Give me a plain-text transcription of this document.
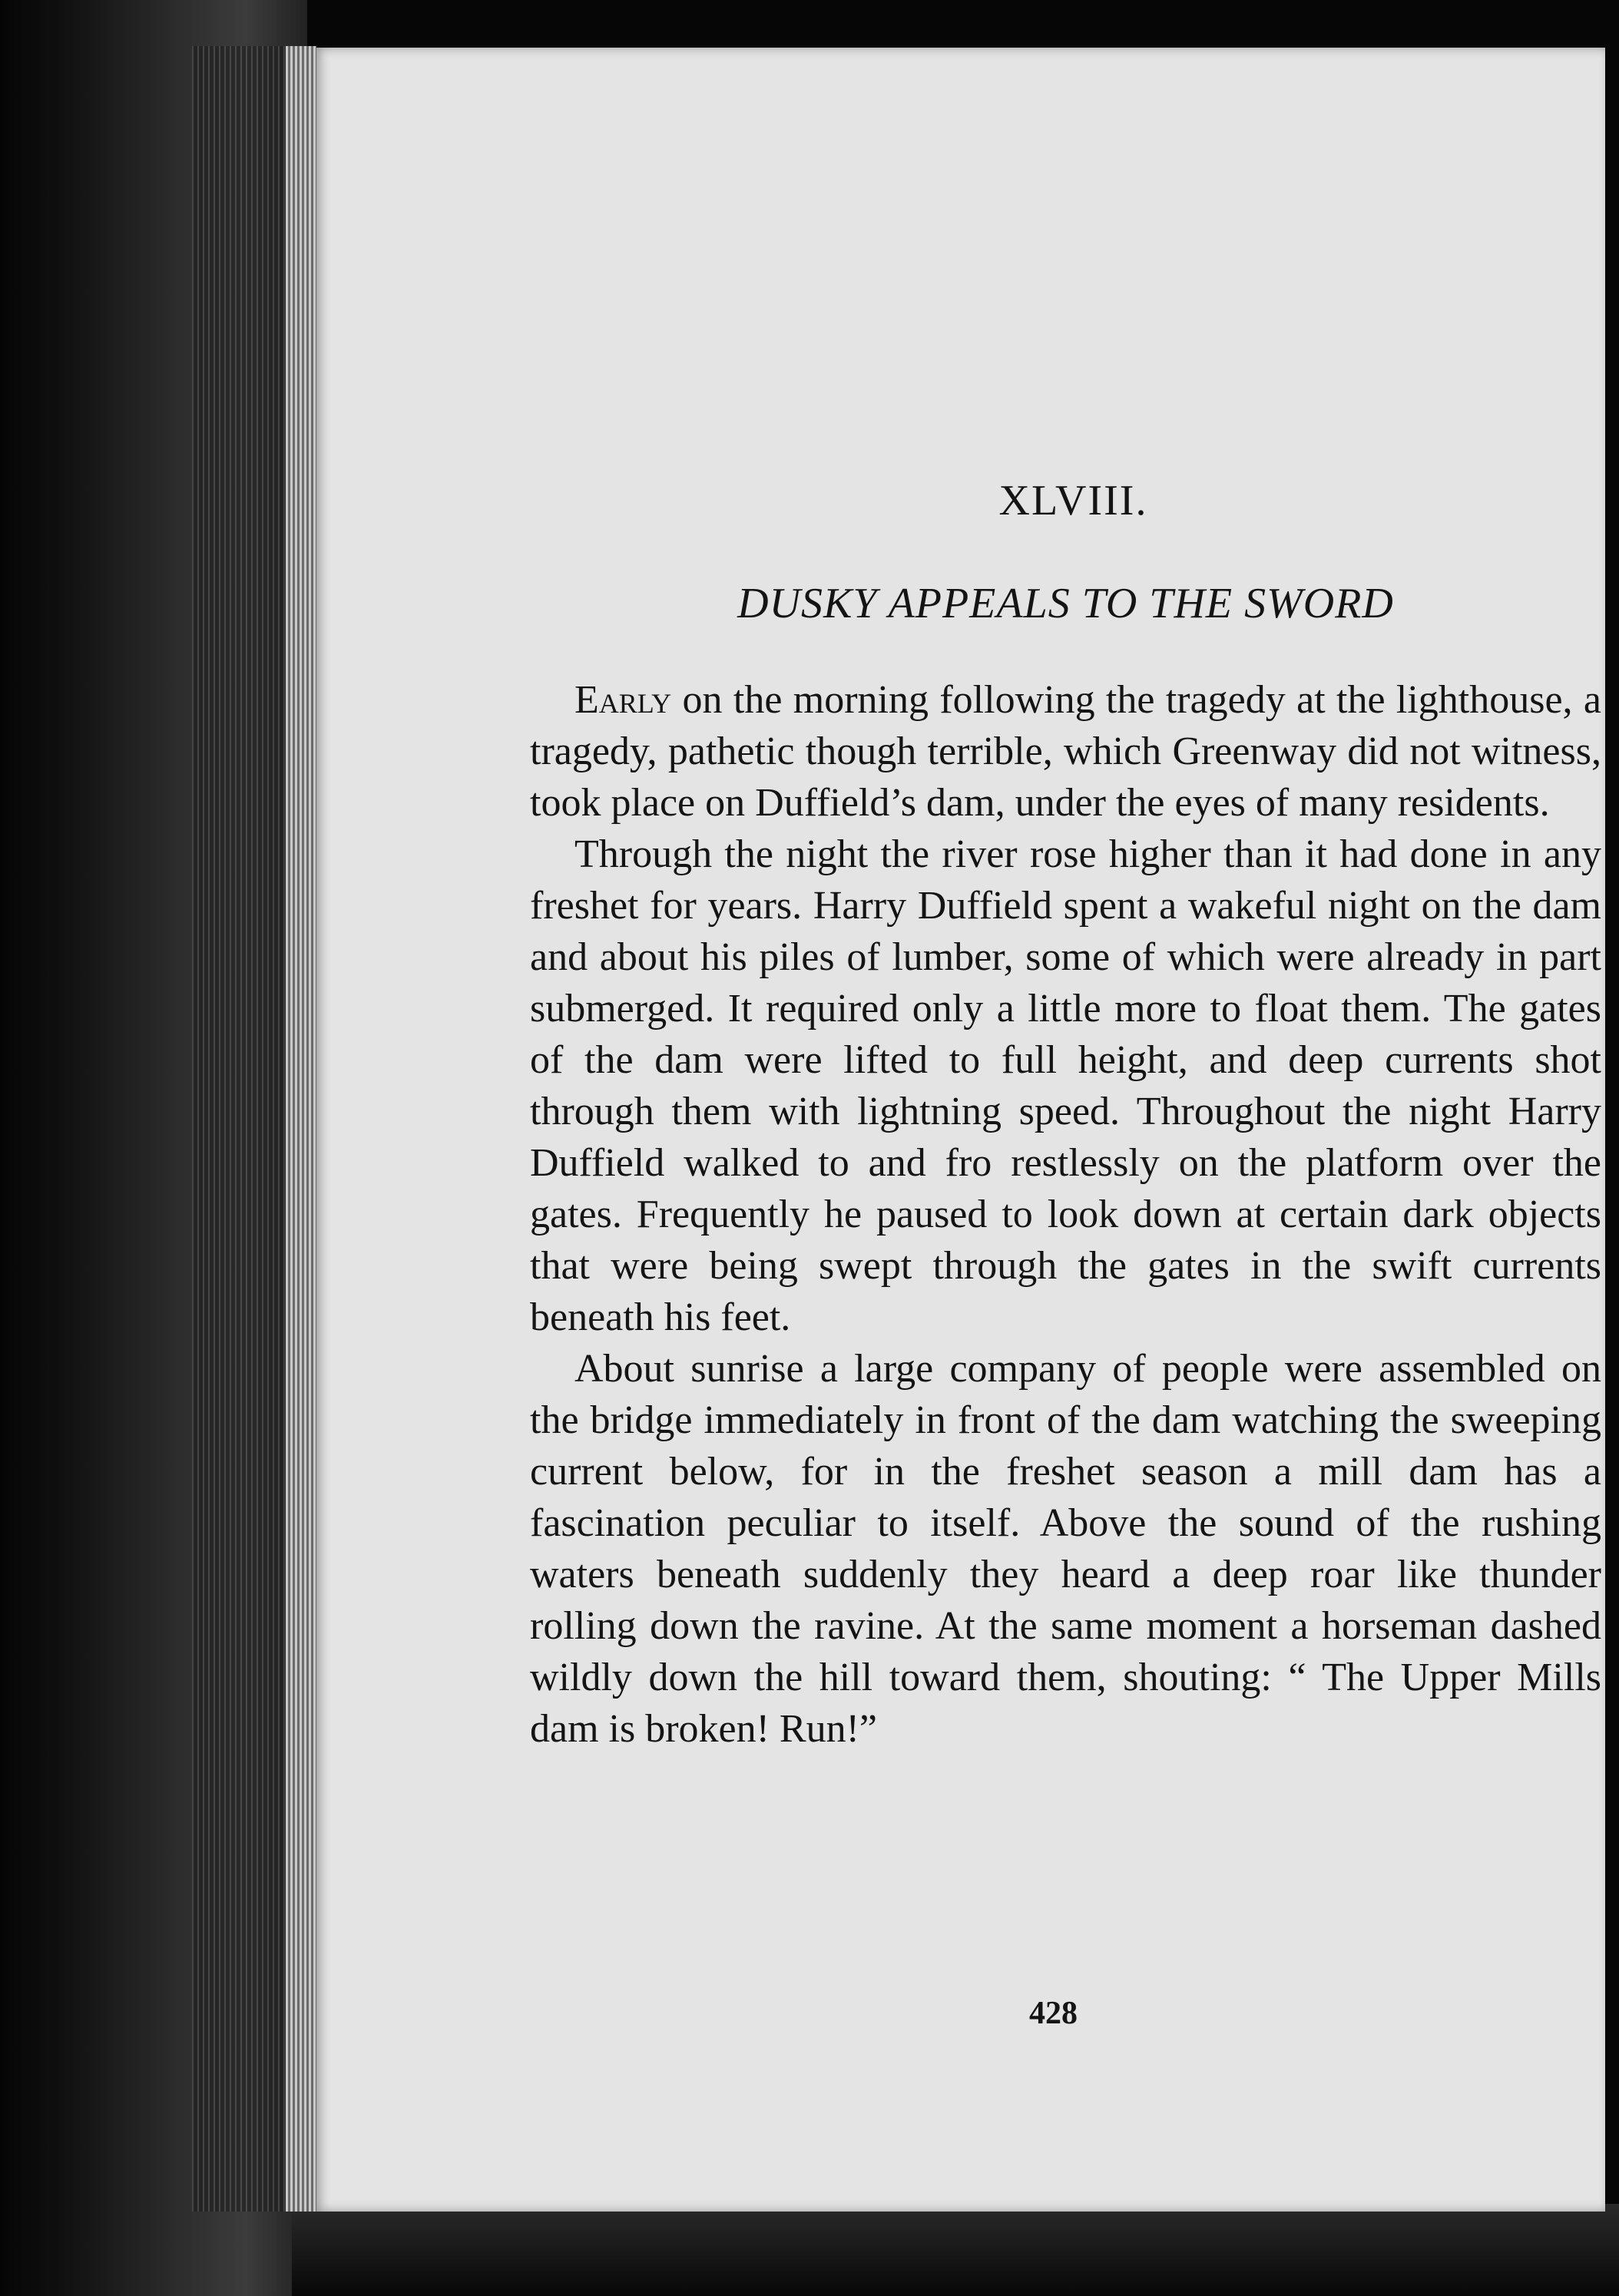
XLVIII.
DUSKY APPEALS TO THE SWORD

Early on the morning following the tragedy at the lighthouse, a tragedy, pathetic though terrible, which Greenway did not witness, took place on Duffield’s dam, under the eyes of many residents.

Through the night the river rose higher than it had done in any freshet for years. Harry Duffield spent a wakeful night on the dam and about his piles of lumber, some of which were already in part submerged. It required only a little more to float them. The gates of the dam were lifted to full height, and deep currents shot through them with lightning speed. Throughout the night Harry Duffield walked to and fro restlessly on the platform over the gates. Frequently he paused to look down at certain dark objects that were being swept through the gates in the swift currents beneath his feet.

About sunrise a large company of people were assembled on the bridge immediately in front of the dam watching the sweeping current below, for in the freshet season a mill dam has a fascination peculiar to itself. Above the sound of the rushing waters beneath suddenly they heard a deep roar like thunder rolling down the ravine. At the same moment a horseman dashed wildly down the hill toward them, shouting: “ The Upper Mills dam is broken! Run!”

428
